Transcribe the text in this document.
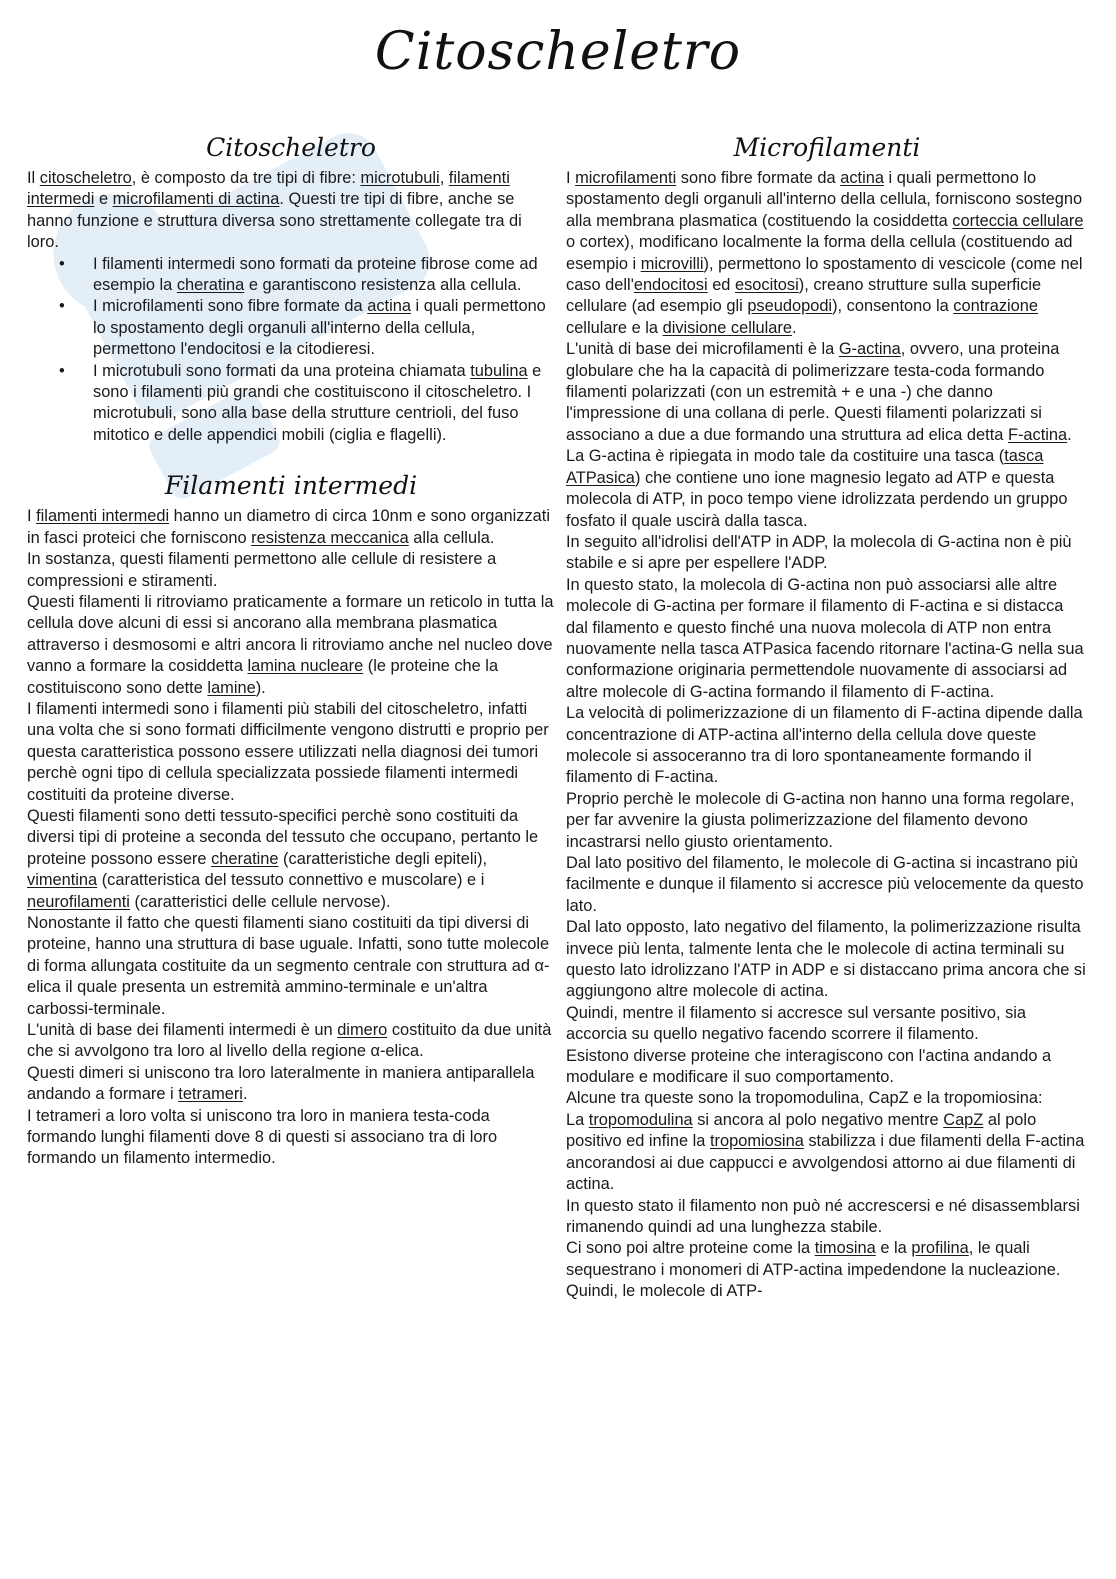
Citoscheletro
Citoscheletro

Il citoscheletro, è composto da tre tipi di fibre: microtubuli, filamenti intermedi e microfilamenti di actina. Questi tre tipi di fibre, anche se hanno funzione e struttura diversa sono strettamente collegate tra di loro.

• I filamenti intermedi sono formati da proteine fibrose come ad esempio la cheratina e garantiscono resistenza alla cellula.
• I microfilamenti sono fibre formate da actina i quali permettono lo spostamento degli organuli all'interno della cellula, permettono l'endocitosi e la citodieresi.
• I microtubuli sono formati da una proteina chiamata tubulina e sono i filamenti più grandi che costituiscono il citoscheletro. I microtubuli, sono alla base della strutture centrioli, del fuso mitotico e delle appendici mobili (ciglia e flagelli).
Filamenti intermedi

I filamenti intermedi hanno un diametro di circa 10nm e sono organizzati in fasci proteici che forniscono resistenza meccanica alla cellula.

In sostanza, questi filamenti permettono alle cellule di resistere a compressioni e stiramenti.

Questi filamenti li ritroviamo praticamente a formare un reticolo in tutta la cellula dove alcuni di essi si ancorano alla membrana plasmatica attraverso i desmosomi e altri ancora li ritroviamo anche nel nucleo dove vanno a formare la cosiddetta lamina nucleare (le proteine che la costituiscono sono dette lamine).

I filamenti intermedi sono i filamenti più stabili del citoscheletro, infatti una volta che si sono formati difficilmente vengono distrutti e proprio per questa caratteristica possono essere utilizzati nella diagnosi dei tumori perchè ogni tipo di cellula specializzata possiede filamenti intermedi costituiti da proteine diverse.

Questi filamenti sono detti tessuto-specifici perchè sono costituiti da diversi tipi di proteine a seconda del tessuto che occupano, pertanto le proteine possono essere cheratine (caratteristiche degli epiteli), vimentina (caratteristica del tessuto connettivo e muscolare) e i neurofilamenti (caratteristici delle cellule nervose).

Nonostante il fatto che questi filamenti siano costituiti da tipi diversi di proteine, hanno una struttura di base uguale. Infatti, sono tutte molecole di forma allungata costituite da un segmento centrale con struttura ad α-elica il quale presenta un estremità ammino-terminale e un'altra carbossi-terminale.

L'unità di base dei filamenti intermedi è un dimero costituito da due unità che si avvolgono tra loro al livello della regione α-elica.

Questi dimeri si uniscono tra loro lateralmente in maniera antiparallela andando a formare i tetrameri.

I tetrameri a loro volta si uniscono tra loro in maniera testa-coda formando lunghi filamenti dove 8 di questi si associano tra di loro formando un filamento intermedio.

Microfilamenti

I microfilamenti sono fibre formate da actina i quali permettono lo spostamento degli organuli all'interno della cellula, forniscono sostegno alla membrana plasmatica (costituendo la cosiddetta corteccia cellulare o cortex), modificano localmente la forma della cellula (costituendo ad esempio i microvilli), permettono lo spostamento di vescicole (come nel caso dell'endocitosi ed esocitosi), creano strutture sulla superficie cellulare (ad esempio gli pseudopodi), consentono la contrazione cellulare e la divisione cellulare.

L'unità di base dei microfilamenti è la G-actina, ovvero, una proteina globulare che ha la capacità di polimerizzare testa-coda formando filamenti polarizzati (con un estremità + e una -) che danno l'impressione di una collana di perle. Questi filamenti polarizzati si associano a due a due formando una struttura ad elica detta F-actina.

La G-actina è ripiegata in modo tale da costituire una tasca (tasca ATPasica) che contiene uno ione magnesio legato ad ATP e questa molecola di ATP, in poco tempo viene idrolizzata perdendo un gruppo fosfato il quale uscirà dalla tasca.

In seguito all'idrolisi dell'ATP in ADP, la molecola di G-actina non è più stabile e si apre per espellere l'ADP.

In questo stato, la molecola di G-actina non può associarsi alle altre molecole di G-actina per formare il filamento di F-actina e si distacca dal filamento e questo finché una nuova molecola di ATP non entra nuovamente nella tasca ATPasica facendo ritornare l'actina-G nella sua conformazione originaria permettendole nuovamente di associarsi ad altre molecole di G-actina formando il filamento di F-actina.

La velocità di polimerizzazione di un filamento di F-actina dipende dalla concentrazione di ATP-actina all'interno della cellula dove queste molecole si assoceranno tra di loro spontaneamente formando il filamento di F-actina.

Proprio perchè le molecole di G-actina non hanno una forma regolare, per far avvenire la giusta polimerizzazione del filamento devono incastrarsi nello giusto orientamento.

Dal lato positivo del filamento, le molecole di G-actina si incastrano più facilmente e dunque il filamento si accresce più velocemente da questo lato.

Dal lato opposto, lato negativo del filamento, la polimerizzazione risulta invece più lenta, talmente lenta che le molecole di actina terminali su questo lato idrolizzano l'ATP in ADP e si distaccano prima ancora che si aggiungono altre molecole di actina.

Quindi, mentre il filamento si accresce sul versante positivo, sia accorcia su quello negativo facendo scorrere il filamento.

Esistono diverse proteine che interagiscono con l'actina andando a modulare e modificare il suo comportamento.

Alcune tra queste sono la tropomodulina, CapZ e la tropomiosina:

La tropomodulina si ancora al polo negativo mentre CapZ al polo positivo ed infine la tropomiosina stabilizza i due filamenti della F-actina ancorandosi ai due cappucci e avvolgendosi attorno ai due filamenti di actina.

In questo stato il filamento non può né accrescersi e né disassemblarsi rimanendo quindi ad una lunghezza stabile.

Ci sono poi altre proteine come la timosina e la profilina, le quali sequestrano i monomeri di ATP-actina impedendone la nucleazione. Quindi, le molecole di ATP-
